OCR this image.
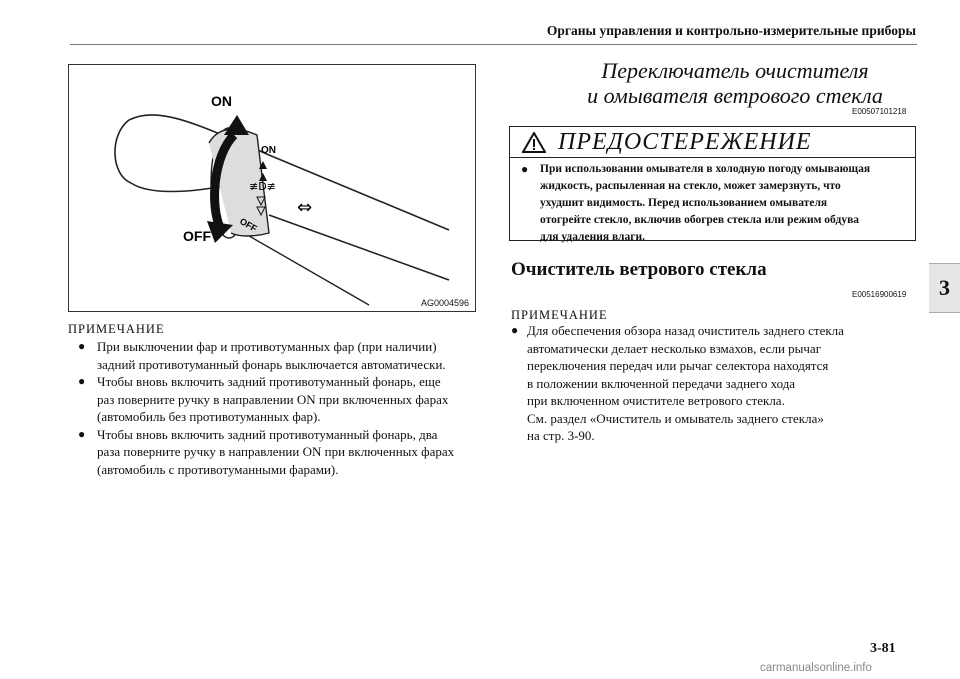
Органы управления и контрольно-измерительные приборы
3
ON
≢D≢
OFF
⇔
ON
OFF
AG0004596
ПРИМЕЧАНИЕ
● При выключении фар и противотуманных фар (при наличии)
задний противотуманный фонарь выключается автоматически.
● Чтобы вновь включить задний противотуманный фонарь, еще
раз поверните ручку в направлении ON при включенных фарах
(автомобиль без противотуманных фар).
● Чтобы вновь включить задний противотуманный фонарь, два
раза поверните ручку в направлении ON при включенных фарах
(автомобиль с противотуманными фарами).
Переключатель очистителя
и омывателя ветрового стекла
E00507101218
ПРЕДОСТЕРЕЖЕНИЕ
● При использовании омывателя в холодную погоду омывающая
жидкость, распыленная на стекло, может замерзнуть, что
ухудшит видимость. Перед использованием омывателя
отогрейте стекло, включив обогрев стекла или режим обдува
для удаления влаги.
Очиститель ветрового стекла
E00516900619
ПРИМЕЧАНИЕ
● Для обеспечения обзора назад очиститель заднего стекла
автоматически делает несколько взмахов, если рычаг
переключения передач или рычаг селектора находятся
в положении включенной передачи заднего хода
при включенном очистителе ветрового стекла.
См. раздел «Очиститель и омыватель заднего стекла»
на стр. 3-90.
3-81
carmanualsonline.info
